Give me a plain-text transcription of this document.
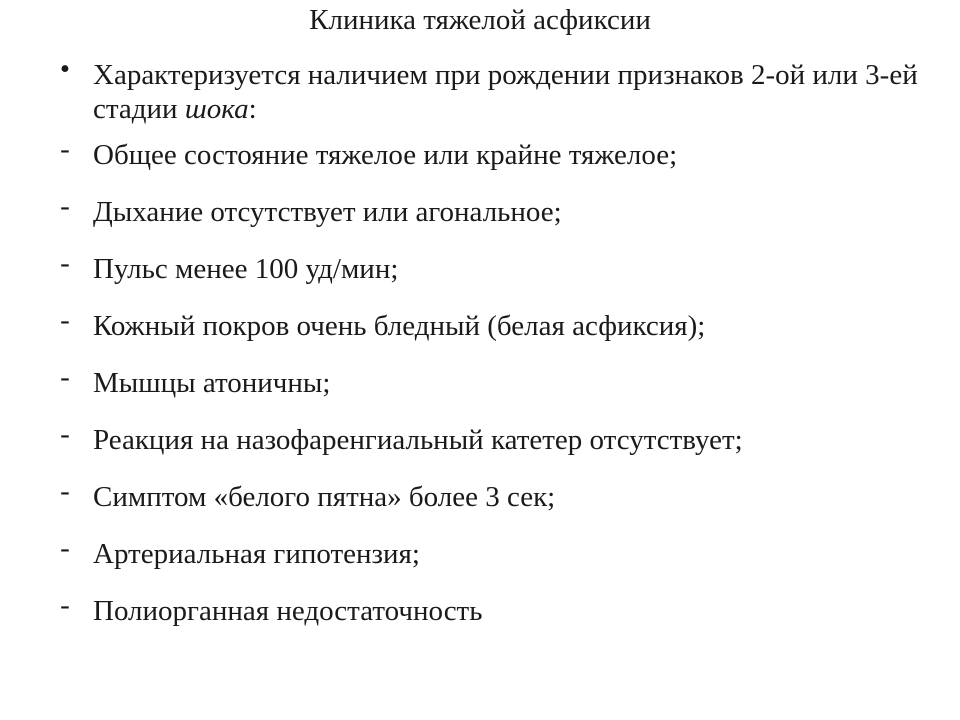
Клиника тяжелой асфиксии
• Характеризуется наличием при рождении признаков 2-ой или 3-ей стадии шока:
- Общее состояние тяжелое или крайне тяжелое;
- Дыхание отсутствует или агональное;
- Пульс менее 100 уд/мин;
- Кожный покров очень бледный (белая асфиксия);
- Мышцы атоничны;
- Реакция на назофаренгиальный катетер отсутствует;
- Симптом «белого пятна» более 3 сек;
- Артериальная гипотензия;
- Полиорганная недостаточность
